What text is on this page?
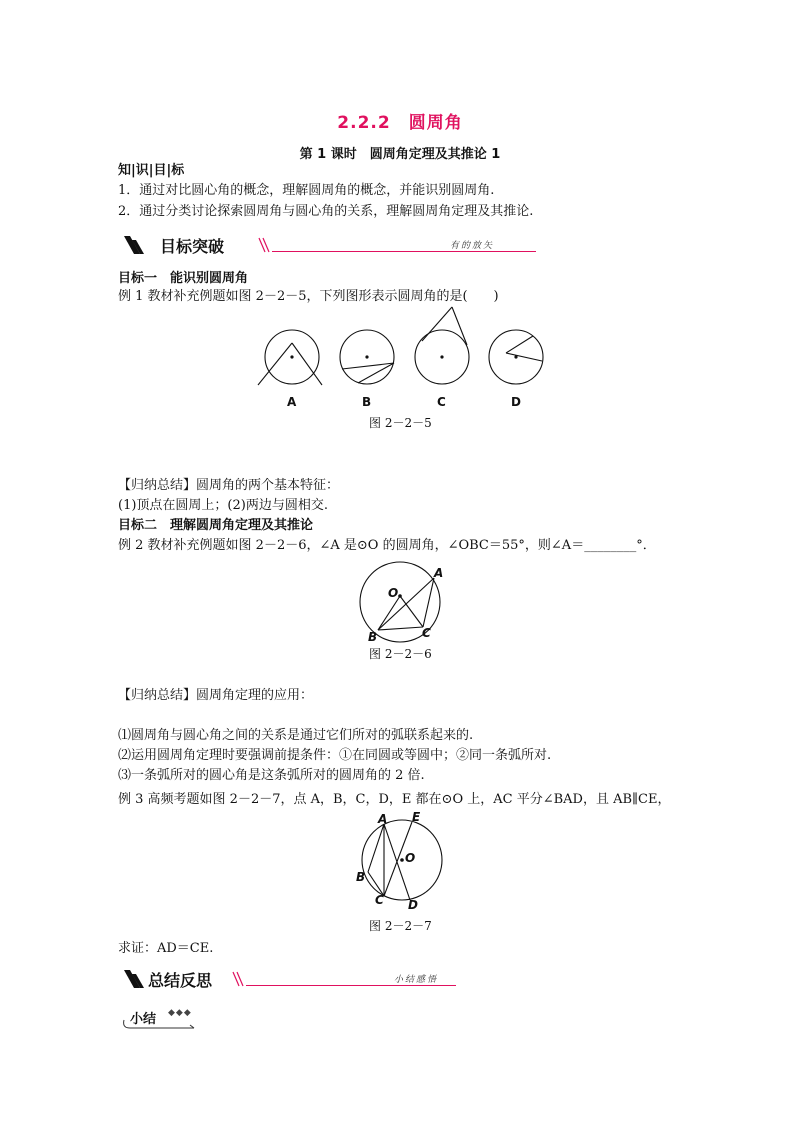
2.2.2　圆周角
第 1 课时　圆周角定理及其推论 1
知|识|目|标
1．通过对比圆心角的概念，理解圆周角的概念，并能识别圆周角.
2．通过分类讨论探索圆周角与圆心角的关系，理解圆周角定理及其推论.
目标突破	有的放矢
目标一　能识别圆周角
例 1 教材补充例题如图 2－2－5，下列图形表示圆周角的是(　　)
A	B	C	D
图 2－2－5
【归纳总结】圆周角的两个基本特征：
(1)顶点在圆周上；(2)两边与圆相交.
目标二　理解圆周角定理及其推论
例 2 教材补充例题如图 2－2－6，∠A 是⊙O 的圆周角，∠OBC＝55°，则∠A＝________°．
O
A
B	C
图 2－2－6
【归纳总结】圆周角定理的应用：
⑴圆周角与圆心角之间的关系是通过它们所对的弧联系起来的.
⑵运用圆周角定理时要强调前提条件：①在同圆或等圆中；②同一条弧所对.
⑶一条弧所对的圆心角是这条弧所对的圆周角的 2 倍.
例 3 高频考题如图 2－2－7，点 A，B，C，D，E 都在⊙O 上，AC 平分∠BAD，且 AB∥CE，
A E
O
B
C D
图 2－2－7
求证：AD＝CE.
总结反思	小结感悟
小结 ◆◆◆
